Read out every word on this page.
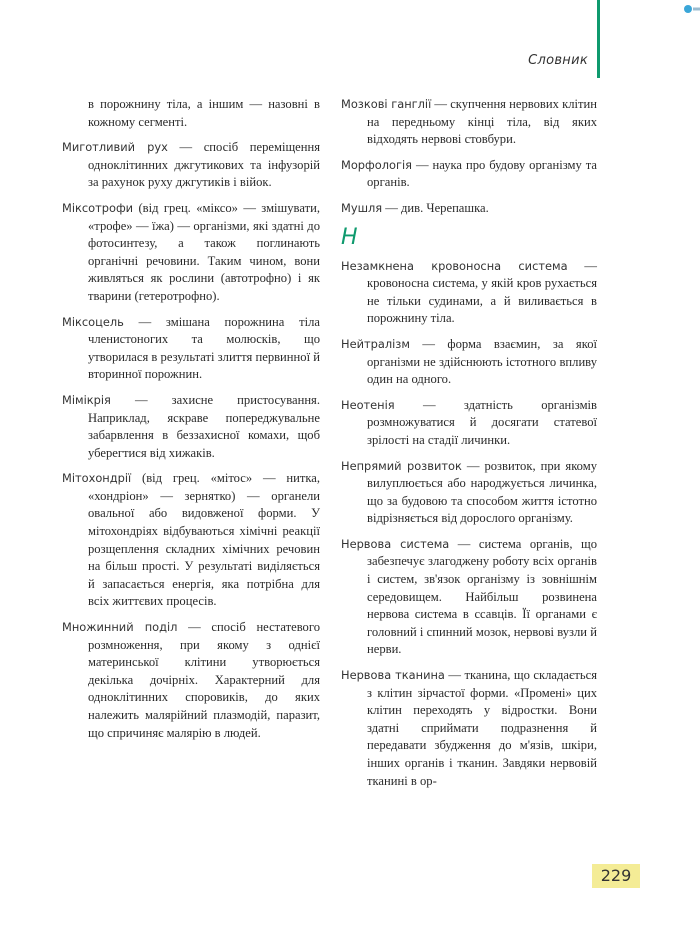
Словник

в порожнину тіла, а іншим — назовні в кожному сегменті.

Миготливий рух — спосіб переміщення одноклітинних джгутикових та інфузорій за рахунок руху джгутиків і війок.

Міксотрофи (від грец. «міксо» — змішувати, «трофе» — їжа) — організми, які здатні до фотосинтезу, а також поглинають органічні речовини. Таким чином, вони живляться як рослини (автотрофно) і як тварини (гетеротрофно).

Міксоцель — змішана порожнина тіла членистоногих та молюсків, що утворилася в результаті злиття первинної й вторинної порожнин.

Мімікрія — захисне пристосування. Наприклад, яскраве попереджувальне забарвлення в беззахисної комахи, щоб уберегтися від хижаків.

Мітохондрії (від грец. «мітос» — нитка, «хондріон» — зернятко) — органели овальної або видовженої форми. У мітохондріях відбуваються хімічні реакції розщеплення складних хімічних речовин на більш прості. У результаті виділяється й запасається енергія, яка потрібна для всіх життєвих процесів.

Множинний поділ — спосіб нестатевого розмноження, при якому з однієї материнської клітини утворюється декілька дочірніх. Характерний для одноклітинних споровиків, до яких належить малярійний плазмодій, паразит, що спричиняє малярію в людей.

Мозкові ганглії — скупчення нервових клітин на передньому кінці тіла, від яких відходять нервові стовбури.

Морфологія — наука про будову організму та органів.

Мушля — див. Черепашка.

Н

Незамкнена кровоносна система — кровоносна система, у якій кров рухається не тільки судинами, а й виливається в порожнину тіла.

Нейтралізм — форма взаємин, за якої організми не здійснюють істотного впливу один на одного.

Неотенія — здатність організмів розмножуватися й досягати статевої зрілості на стадії личинки.

Непрямий розвиток — розвиток, при якому вилуплюється або народжується личинка, що за будовою та способом життя істотно відрізняється від дорослого організму.

Нервова система — система органів, що забезпечує злагоджену роботу всіх органів і систем, зв'язок організму із зовнішнім середовищем. Найбільш розвинена нервова система в ссавців. Її органами є головний і спинний мозок, нервові вузли й нерви.

Нервова тканина — тканина, що складається з клітин зірчастої форми. «Промені» цих клітин переходять у відростки. Вони здатні сприймати подразнення й передавати збудження до м'язів, шкіри, інших органів і тканин. Завдяки нервовій тканині в ор-

229
